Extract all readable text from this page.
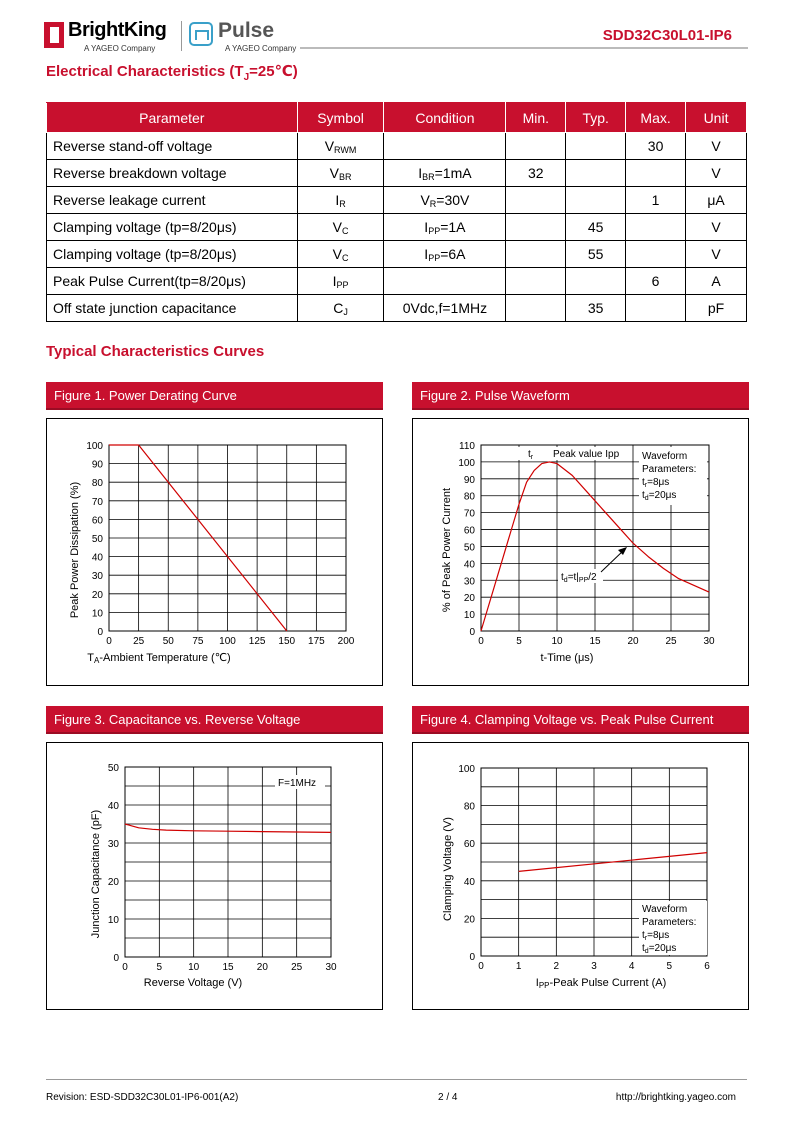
BrightKing
A YAGEO Company
Pulse
A YAGEO Company
SDD32C30L01-IP6
Electrical Characteristics $(T_J=25℃)$
Parameter	Symbol	Condition	Min.	Typ.	Max.	Unit
Reverse stand-off voltage	$V_{RWM}$				30	V
Reverse breakdown voltage	$V_{BR}$	$I_{BR}=1mA$	32			V
Reverse leakage current	$I_R$	$V_R=30V$			1	μA
Clamping voltage (tp=8/20μs)	$V_C$	$I_{PP}=1A$		45		V
Clamping voltage (tp=8/20μs)	$V_C$	$I_{PP}=6A$		55		V
Peak Pulse Current(tp=8/20μs)	$I_{PP}$				6	A
Off state junction capacitance	$C_J$	0Vdc,f=1MHz		35		pF
Typical Characteristics Curves
Figure 1. Power Derating Curve
0
10
20
30
40
50
60
70
80
90
100
0 25 50 75 100 125 150 175 200
TA-Ambient Temperature (℃)
Peak Power Dissipation (%)
Figure 2. Pulse Waveform
0
10
20
30
40
50
60
70
80
90
100
110
0	5	10	15	20	25	30
$t_r$ Peak value Ipp Waveform
Parameters:
$t_r=8\mu s$
$t_d=20\mu s$
$t_d=t|_{PP}/2$
t-Time (μs)
% of Peak Power Current
Figure 3. Capacitance vs. Reverse Voltage
0
10
20
30
40
50
0	5	10 15 20 25 30
F=1MHz
Reverse Voltage (V)
Junction Capacitance (pF)
Figure 4. Clamping Voltage vs. Peak Pulse Current
0
20
40
60
80
100
0	1	2	3	4	5	6
Waveform
Parameters:
$t_r=8\mu s$
$t_d=20\mu s$
IPP-Peak Pulse Current (A)
Clamping Voltage (V)
Revision: ESD-SDD32C30L01-IP6-001(A2)	2 / 4	http://brightking.yageo.com
